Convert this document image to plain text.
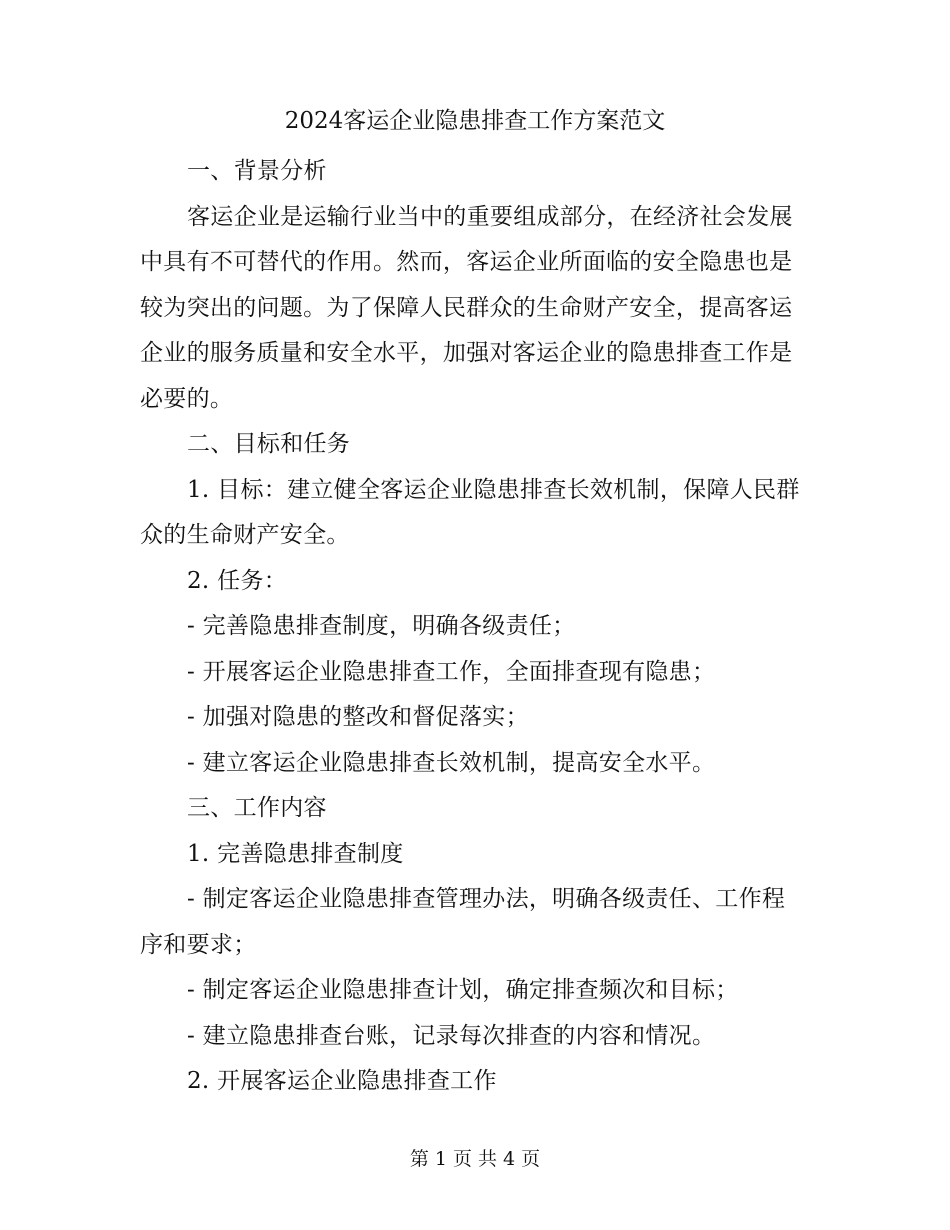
2024客运企业隐患排查工作方案范文

一、背景分析

客运企业是运输行业当中的重要组成部分，在经济社会发展中具有不可替代的作用。然而，客运企业所面临的安全隐患也是较为突出的问题。为了保障人民群众的生命财产安全，提高客运企业的服务质量和安全水平，加强对客运企业的隐患排查工作是必要的。

二、目标和任务

1. 目标：建立健全客运企业隐患排查长效机制，保障人民群众的生命财产安全。

2. 任务：

- 完善隐患排查制度，明确各级责任；

- 开展客运企业隐患排查工作，全面排查现有隐患；

- 加强对隐患的整改和督促落实；

- 建立客运企业隐患排查长效机制，提高安全水平。

三、工作内容

1. 完善隐患排查制度

- 制定客运企业隐患排查管理办法，明确各级责任、工作程序和要求；

- 制定客运企业隐患排查计划，确定排查频次和目标；

- 建立隐患排查台账，记录每次排查的内容和情况。

2. 开展客运企业隐患排查工作

第 1 页 共 4 页
